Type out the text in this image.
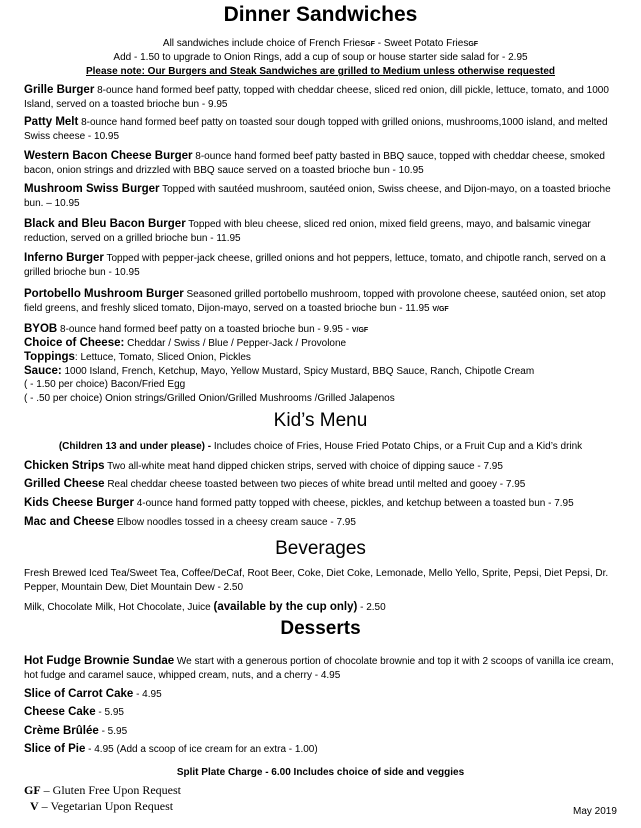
Dinner Sandwiches
All sandwiches include choice of French FriesGF - Sweet Potato FriesGF
Add - 1.50 to upgrade to Onion Rings, add a cup of soup or house starter side salad for - 2.95
Please note: Our Burgers and Steak Sandwiches are grilled to Medium unless otherwise requested
Grille Burger 8-ounce hand formed beef patty, topped with cheddar cheese, sliced red onion, dill pickle, lettuce, tomato, and 1000 Island, served on a toasted brioche bun - 9.95
Patty Melt 8-ounce hand formed beef patty on toasted sour dough topped with grilled onions, mushrooms,1000 island, and melted Swiss cheese - 10.95
Western Bacon Cheese Burger 8-ounce hand formed beef patty basted in BBQ sauce, topped with cheddar cheese, smoked bacon, onion strings and drizzled with BBQ sauce served on a toasted brioche bun - 10.95
Mushroom Swiss Burger Topped with sautéed mushroom, sautéed onion, Swiss cheese, and Dijon-mayo, on a toasted brioche bun. – 10.95
Black and Bleu Bacon Burger Topped with bleu cheese, sliced red onion, mixed field greens, mayo, and balsamic vinegar reduction, served on a grilled brioche bun - 11.95
Inferno Burger Topped with pepper-jack cheese, grilled onions and hot peppers, lettuce, tomato, and chipotle ranch, served on a grilled brioche bun - 10.95
Portobello Mushroom Burger Seasoned grilled portobello mushroom, topped with provolone cheese, sautéed onion, set atop field greens, and freshly sliced tomato, Dijon-mayo, served on a toasted brioche bun - 11.95 V/GF
BYOB 8-ounce hand formed beef patty on a toasted brioche bun - 9.95 - V/GF
Choice of Cheese: Cheddar / Swiss / Blue / Pepper-Jack / Provolone
Toppings: Lettuce, Tomato, Sliced Onion, Pickles
Sauce: 1000 Island, French, Ketchup, Mayo, Yellow Mustard, Spicy Mustard, BBQ Sauce, Ranch, Chipotle Cream
( - 1.50 per choice) Bacon/Fried Egg
( - .50 per choice) Onion strings/Grilled Onion/Grilled Mushrooms /Grilled Jalapenos
Kid’s Menu
(Children 13 and under please) - Includes choice of Fries, House Fried Potato Chips, or a Fruit Cup and a Kid’s drink
Chicken Strips Two all-white meat hand dipped chicken strips, served with choice of dipping sauce - 7.95
Grilled Cheese Real cheddar cheese toasted between two pieces of white bread until melted and gooey - 7.95
Kids Cheese Burger 4-ounce hand formed patty topped with cheese, pickles, and ketchup between a toasted bun - 7.95
Mac and Cheese Elbow noodles tossed in a cheesy cream sauce - 7.95
Beverages
Fresh Brewed Iced Tea/Sweet Tea, Coffee/DeCaf, Root Beer, Coke, Diet Coke, Lemonade, Mello Yello, Sprite, Pepsi, Diet Pepsi, Dr. Pepper, Mountain Dew, Diet Mountain Dew - 2.50
Milk, Chocolate Milk, Hot Chocolate, Juice (available by the cup only) - 2.50
Desserts
Hot Fudge Brownie Sundae We start with a generous portion of chocolate brownie and top it with 2 scoops of vanilla ice cream, hot fudge and caramel sauce, whipped cream, nuts, and a cherry - 4.95
Slice of Carrot Cake - 4.95
Cheese Cake - 5.95
Crème Brûlée - 5.95
Slice of Pie - 4.95 (Add a scoop of ice cream for an extra - 1.00)
Split Plate Charge - 6.00 Includes choice of side and veggies
GF – Gluten Free Upon Request
V – Vegetarian Upon Request	May 2019
